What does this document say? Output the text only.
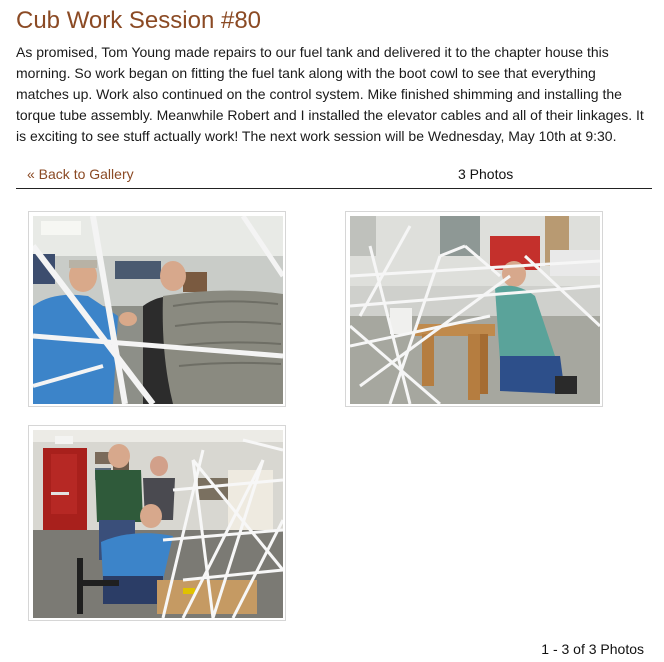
Cub Work Session #80

As promised, Tom Young made repairs to our fuel tank and delivered it to the chapter house this morning. So work began on fitting the fuel tank along with the boot cowl to see that everything matches up. Work also continued on the control system. Mike finished shimming and installing the torque tube assembly. Meanwhile Robert and I installed the elevator cables and all of their linkages. It is exciting to see stuff actually work! The next work session will be Wednesday, May 10th at 9:30.

« Back to Gallery	3 Photos
1 - 3 of 3 Photos
